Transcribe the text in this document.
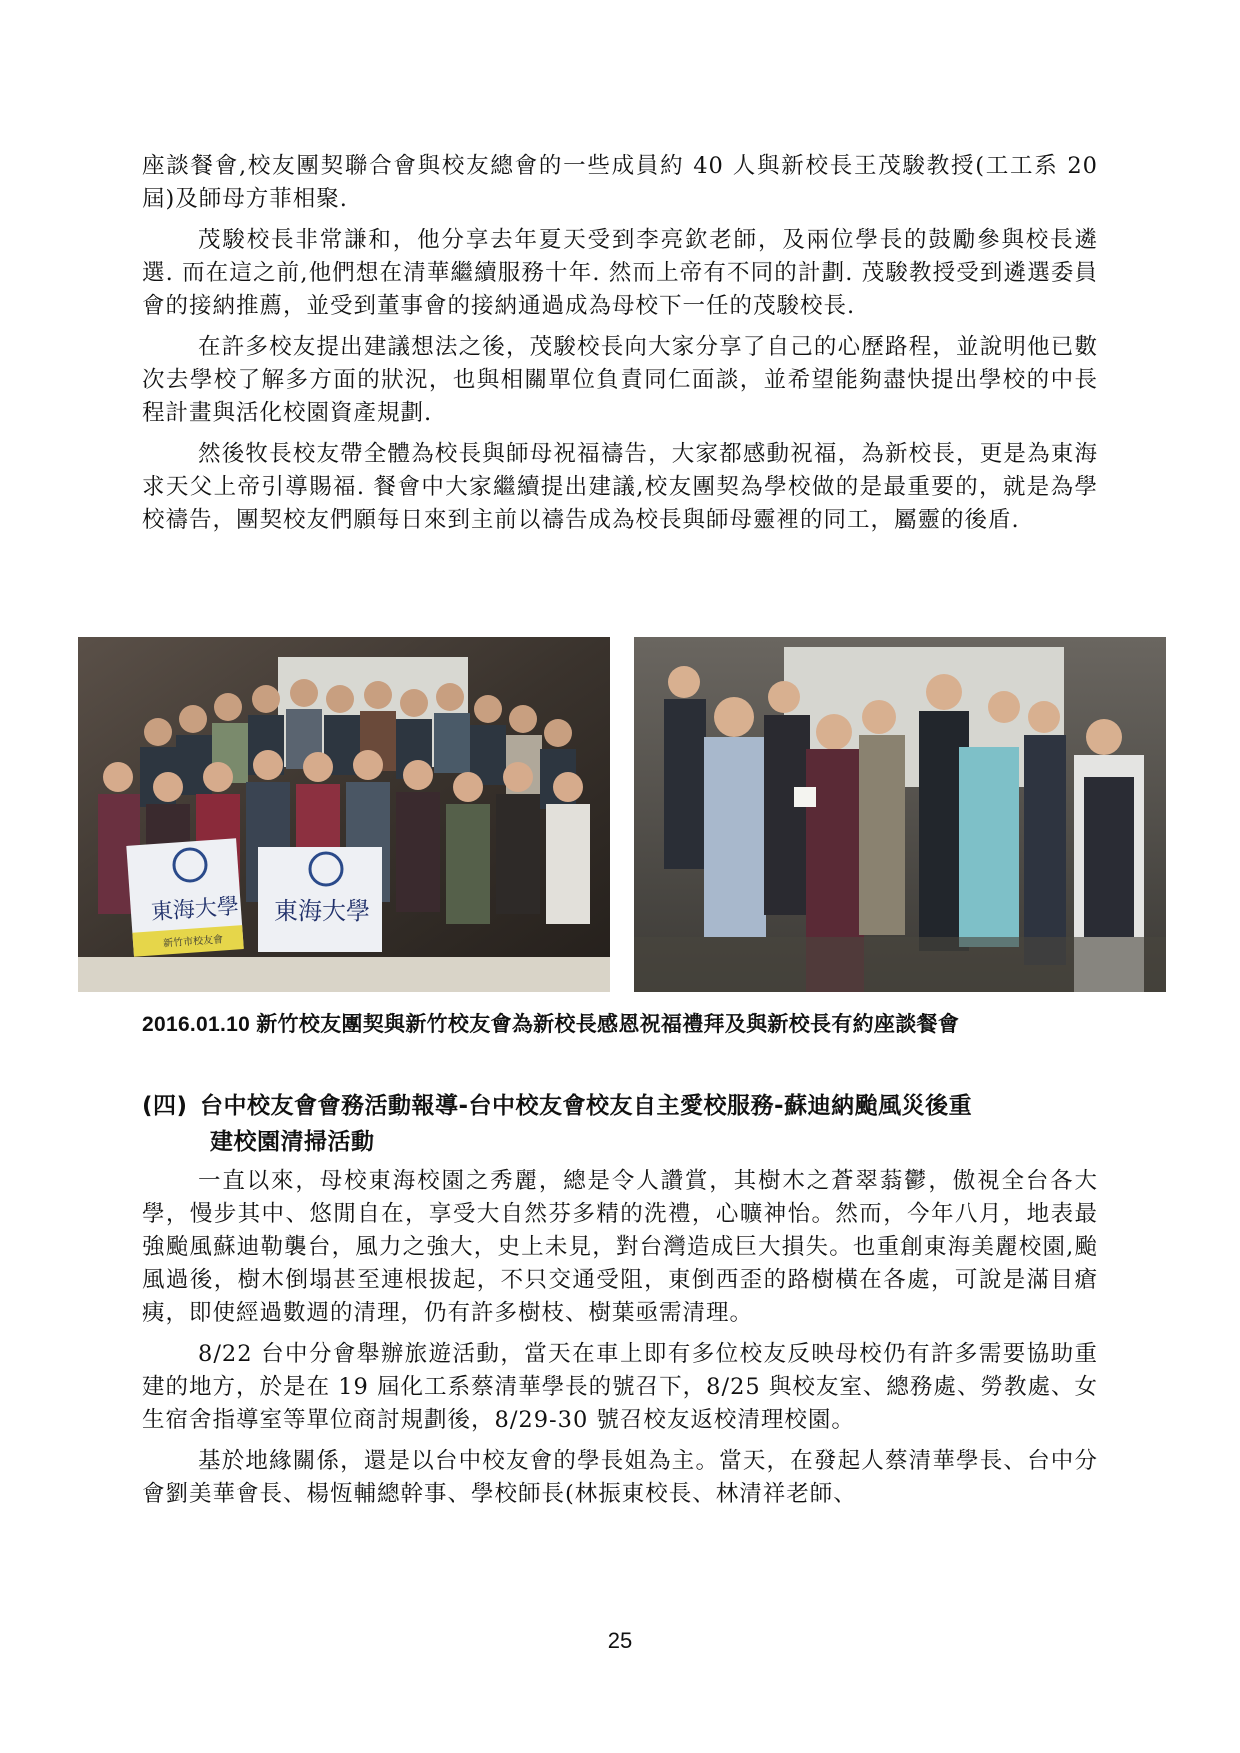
座談餐會,校友團契聯合會與校友總會的一些成員約 40 人與新校長王茂駿教授(工工系 20 屆)及師母方菲相聚.

茂駿校長非常謙和，他分享去年夏天受到李亮欽老師，及兩位學長的鼓勵參與校長遴選. 而在這之前,他們想在清華繼續服務十年. 然而上帝有不同的計劃. 茂駿教授受到遴選委員會的接納推薦，並受到董事會的接納通過成為母校下一任的茂駿校長.

在許多校友提出建議想法之後，茂駿校長向大家分享了自己的心歷路程，並說明他已數次去學校了解多方面的狀況，也與相關單位負責同仁面談，並希望能夠盡快提出學校的中長程計畫與活化校園資產規劃.

然後牧長校友帶全體為校長與師母祝福禱告，大家都感動祝福，為新校長，更是為東海求天父上帝引導賜福. 餐會中大家繼續提出建議,校友團契為學校做的是最重要的，就是為學校禱告，團契校友們願每日來到主前以禱告成為校長與師母靈裡的同工，屬靈的後盾.

東海大學
新竹市校友會
東海大學
2016.01.10 新竹校友團契與新竹校友會為新校長感恩祝福禮拜及與新校長有約座談餐會
(四) 台中校友會會務活動報導-台中校友會校友自主愛校服務-蘇迪納颱風災後重
建校園清掃活動

一直以來，母校東海校園之秀麗，總是令人讚賞，其樹木之蒼翠蓊鬱，傲視全台各大學，慢步其中、悠閒自在，享受大自然芬多精的洗禮，心曠神怡。然而，今年八月，地表最強颱風蘇迪勒襲台，風力之強大，史上未見，對台灣造成巨大損失。也重創東海美麗校園,颱風過後，樹木倒塌甚至連根拔起，不只交通受阻，東倒西歪的路樹橫在各處，可說是滿目瘡痍，即使經過數週的清理，仍有許多樹枝、樹葉亟需清理。

8/22 台中分會舉辦旅遊活動，當天在車上即有多位校友反映母校仍有許多需要協助重建的地方，於是在 19 屆化工系蔡清華學長的號召下，8/25 與校友室、總務處、勞教處、女生宿舍指導室等單位商討規劃後，8/29-30 號召校友返校清理校園。

基於地緣關係，還是以台中校友會的學長姐為主。當天，在發起人蔡清華學長、台中分會劉美華會長、楊恆輔總幹事、學校師長(林振東校長、林清祥老師、

25
